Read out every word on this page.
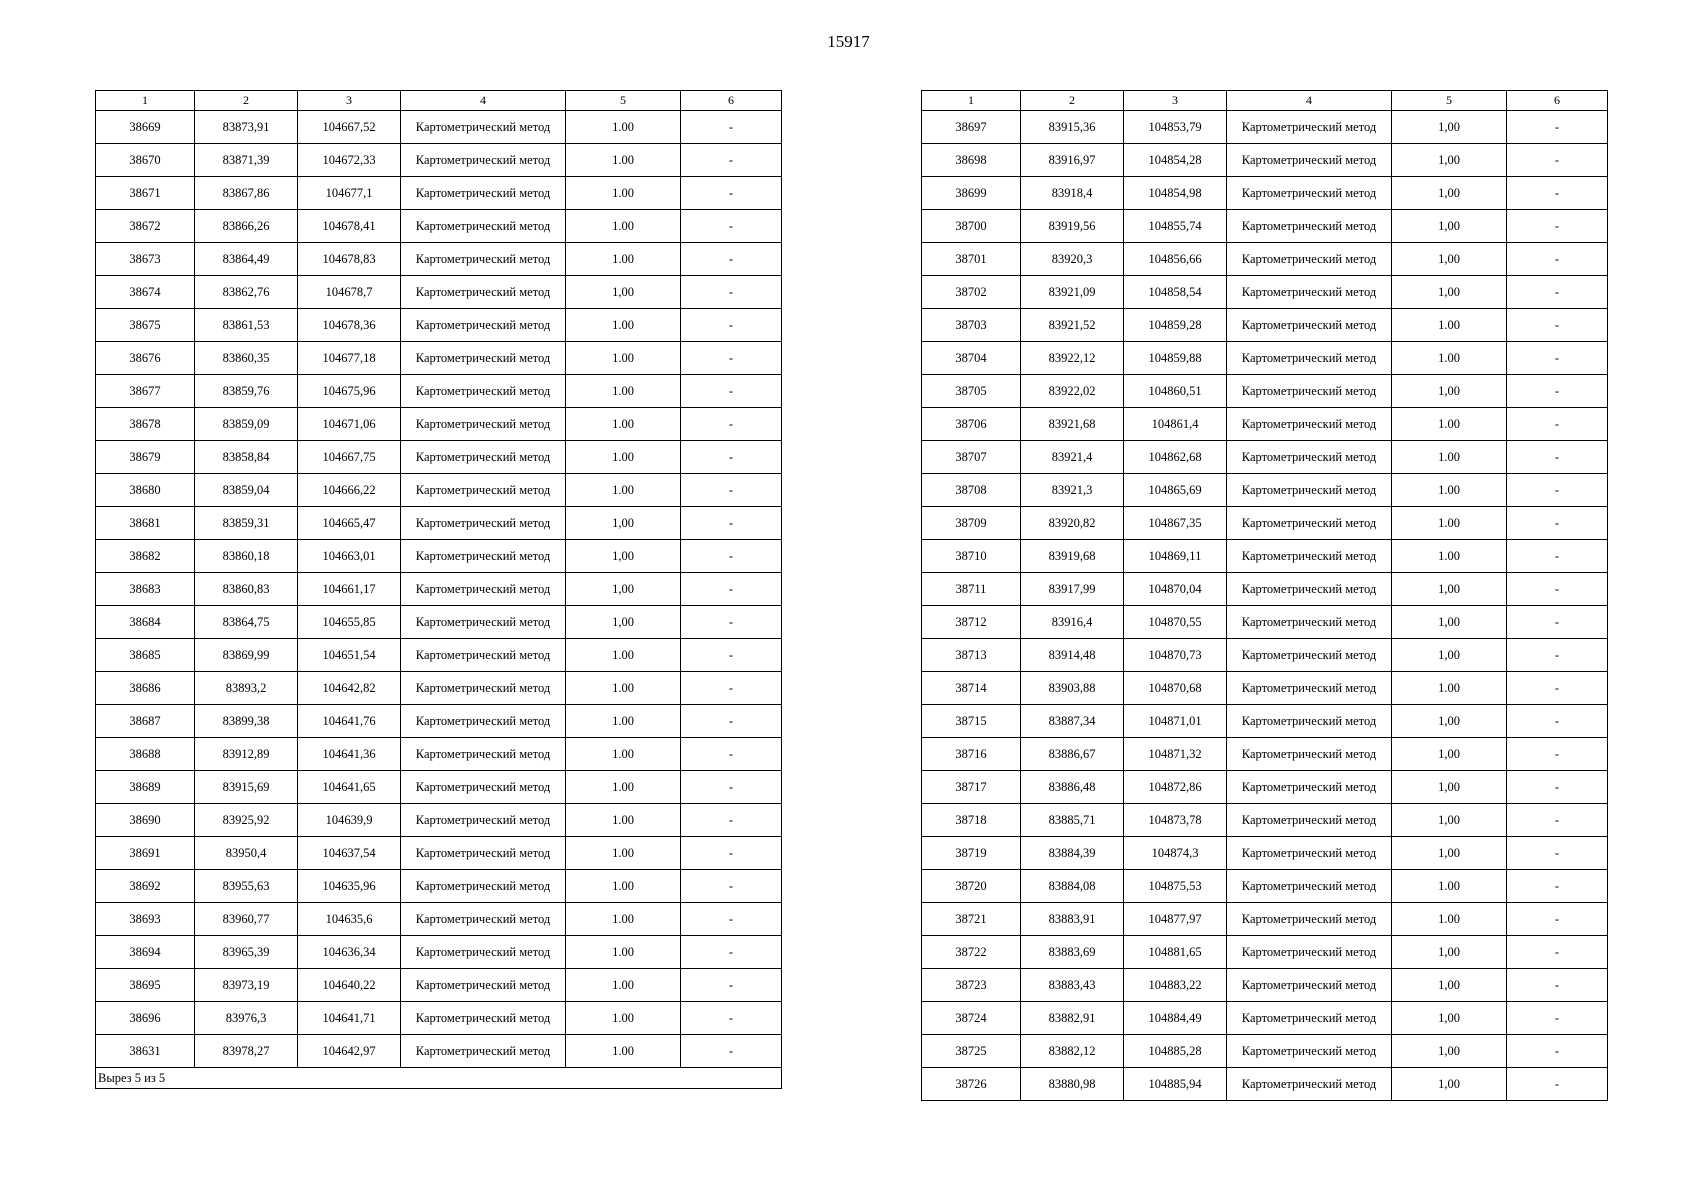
15917
1	2	3	4	5	6
38669	83873,91	104667,52	Картометрический метод	1.00	-
38670	83871,39	104672,33	Картометрический метод	1.00	-
38671	83867,86	104677,1	Картометрический метод	1.00	-
38672	83866,26	104678,41	Картометрический метод	1.00	-
38673	83864,49	104678,83	Картометрический метод	1.00	-
38674	83862,76	104678,7	Картометрический метод	1,00	-
38675	83861,53	104678,36	Картометрический метод	1.00	-
38676	83860,35	104677,18	Картометрический метод	1.00	-
38677	83859,76	104675,96	Картометрический метод	1.00	-
38678	83859,09	104671,06	Картометрический метод	1.00	-
38679	83858,84	104667,75	Картометрический метод	1.00	-
38680	83859,04	104666,22	Картометрический метод	1.00	-
38681	83859,31	104665,47	Картометрический метод	1,00	-
38682	83860,18	104663,01	Картометрический метод	1,00	-
38683	83860,83	104661,17	Картометрический метод	1,00	-
38684	83864,75	104655,85	Картометрический метод	1,00	-
38685	83869,99	104651,54	Картометрический метод	1.00	-
38686	83893,2	104642,82	Картометрический метод	1.00	-
38687	83899,38	104641,76	Картометрический метод	1.00	-
38688	83912,89	104641,36	Картометрический метод	1.00	-
38689	83915,69	104641,65	Картометрический метод	1.00	-
38690	83925,92	104639,9	Картометрический метод	1.00	-
38691	83950,4	104637,54	Картометрический метод	1.00	-
38692	83955,63	104635,96	Картометрический метод	1.00	-
38693	83960,77	104635,6	Картометрический метод	1.00	-
38694	83965,39	104636,34	Картометрический метод	1.00	-
38695	83973,19	104640,22	Картометрический метод	1.00	-
38696	83976,3	104641,71	Картометрический метод	1.00	-
38631	83978,27	104642,97	Картометрический метод	1.00	-
Вырез 5 из 5					
1	2	3	4	5	6
38697	83915,36	104853,79	Картометрический метод	1,00	-
38698	83916,97	104854,28	Картометрический метод	1,00	-
38699	83918,4	104854,98	Картометрический метод	1,00	-
38700	83919,56	104855,74	Картометрический метод	1,00	-
38701	83920,3	104856,66	Картометрический метод	1,00	-
38702	83921,09	104858,54	Картометрический метод	1,00	-
38703	83921,52	104859,28	Картометрический метод	1.00	-
38704	83922,12	104859,88	Картометрический метод	1.00	-
38705	83922,02	104860,51	Картометрический метод	1,00	-
38706	83921,68	104861,4	Картометрический метод	1.00	-
38707	83921,4	104862,68	Картометрический метод	1.00	-
38708	83921,3	104865,69	Картометрический метод	1.00	-
38709	83920,82	104867,35	Картометрический метод	1.00	-
38710	83919,68	104869,11	Картометрический метод	1.00	-
38711	83917,99	104870,04	Картометрический метод	1,00	-
38712	83916,4	104870,55	Картометрический метод	1,00	-
38713	83914,48	104870,73	Картометрический метод	1,00	-
38714	83903,88	104870,68	Картометрический метод	1.00	-
38715	83887,34	104871,01	Картометрический метод	1,00	-
38716	83886,67	104871,32	Картометрический метод	1,00	-
38717	83886,48	104872,86	Картометрический метод	1,00	-
38718	83885,71	104873,78	Картометрический метод	1,00	-
38719	83884,39	104874,3	Картометрический метод	1,00	-
38720	83884,08	104875,53	Картометрический метод	1.00	-
38721	83883,91	104877,97	Картометрический метод	1.00	-
38722	83883,69	104881,65	Картометрический метод	1,00	-
38723	83883,43	104883,22	Картометрический метод	1,00	-
38724	83882,91	104884,49	Картометрический метод	1,00	-
38725	83882,12	104885,28	Картометрический метод	1,00	-
38726	83880,98	104885,94	Картометрический метод	1,00	-
